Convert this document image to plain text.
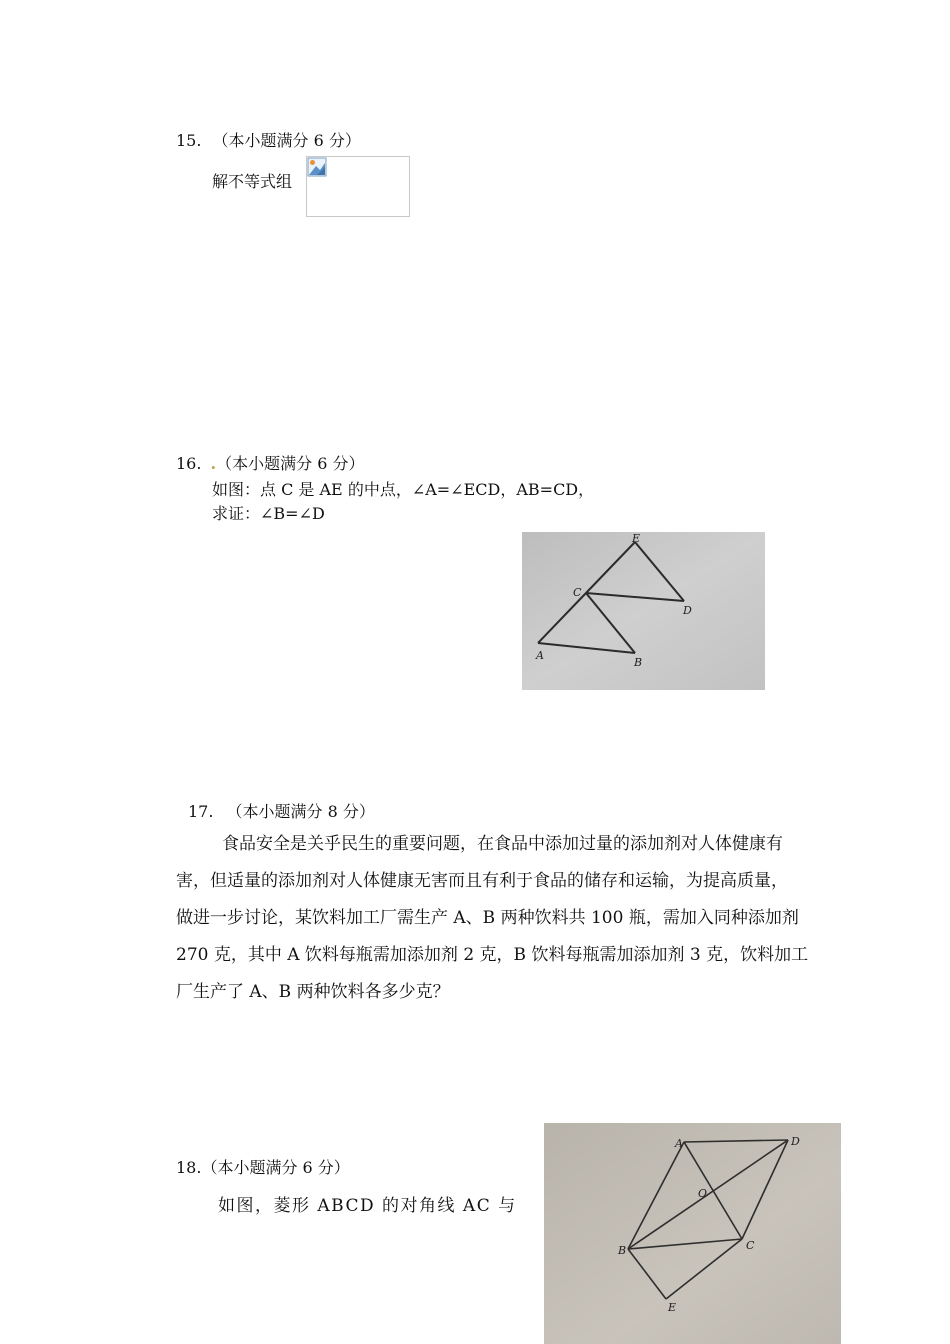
15. （本小题满分 6 分）
解不等式组
16. .（本小题满分 6 分）
如图：点 C 是 AE 的中点，∠A=∠ECD，AB=CD，
求证：∠B=∠D
E
C
D
A
B
17. （本小题满分 8 分）
食品安全是关乎民生的重要问题，在食品中添加过量的添加剂对人体健康有
害，但适量的添加剂对人体健康无害而且有利于食品的储存和运输，为提高质量，
做进一步讨论，某饮料加工厂需生产 A、B 两种饮料共 100 瓶，需加入同种添加剂
270 克，其中 A 饮料每瓶需加添加剂 2 克，B 饮料每瓶需加添加剂 3 克，饮料加工
厂生产了 A、B 两种饮料各多少克？
18.（本小题满分 6 分）
如图，菱形 ABCD 的对角线 AC 与
A	D
O
B	C
E
